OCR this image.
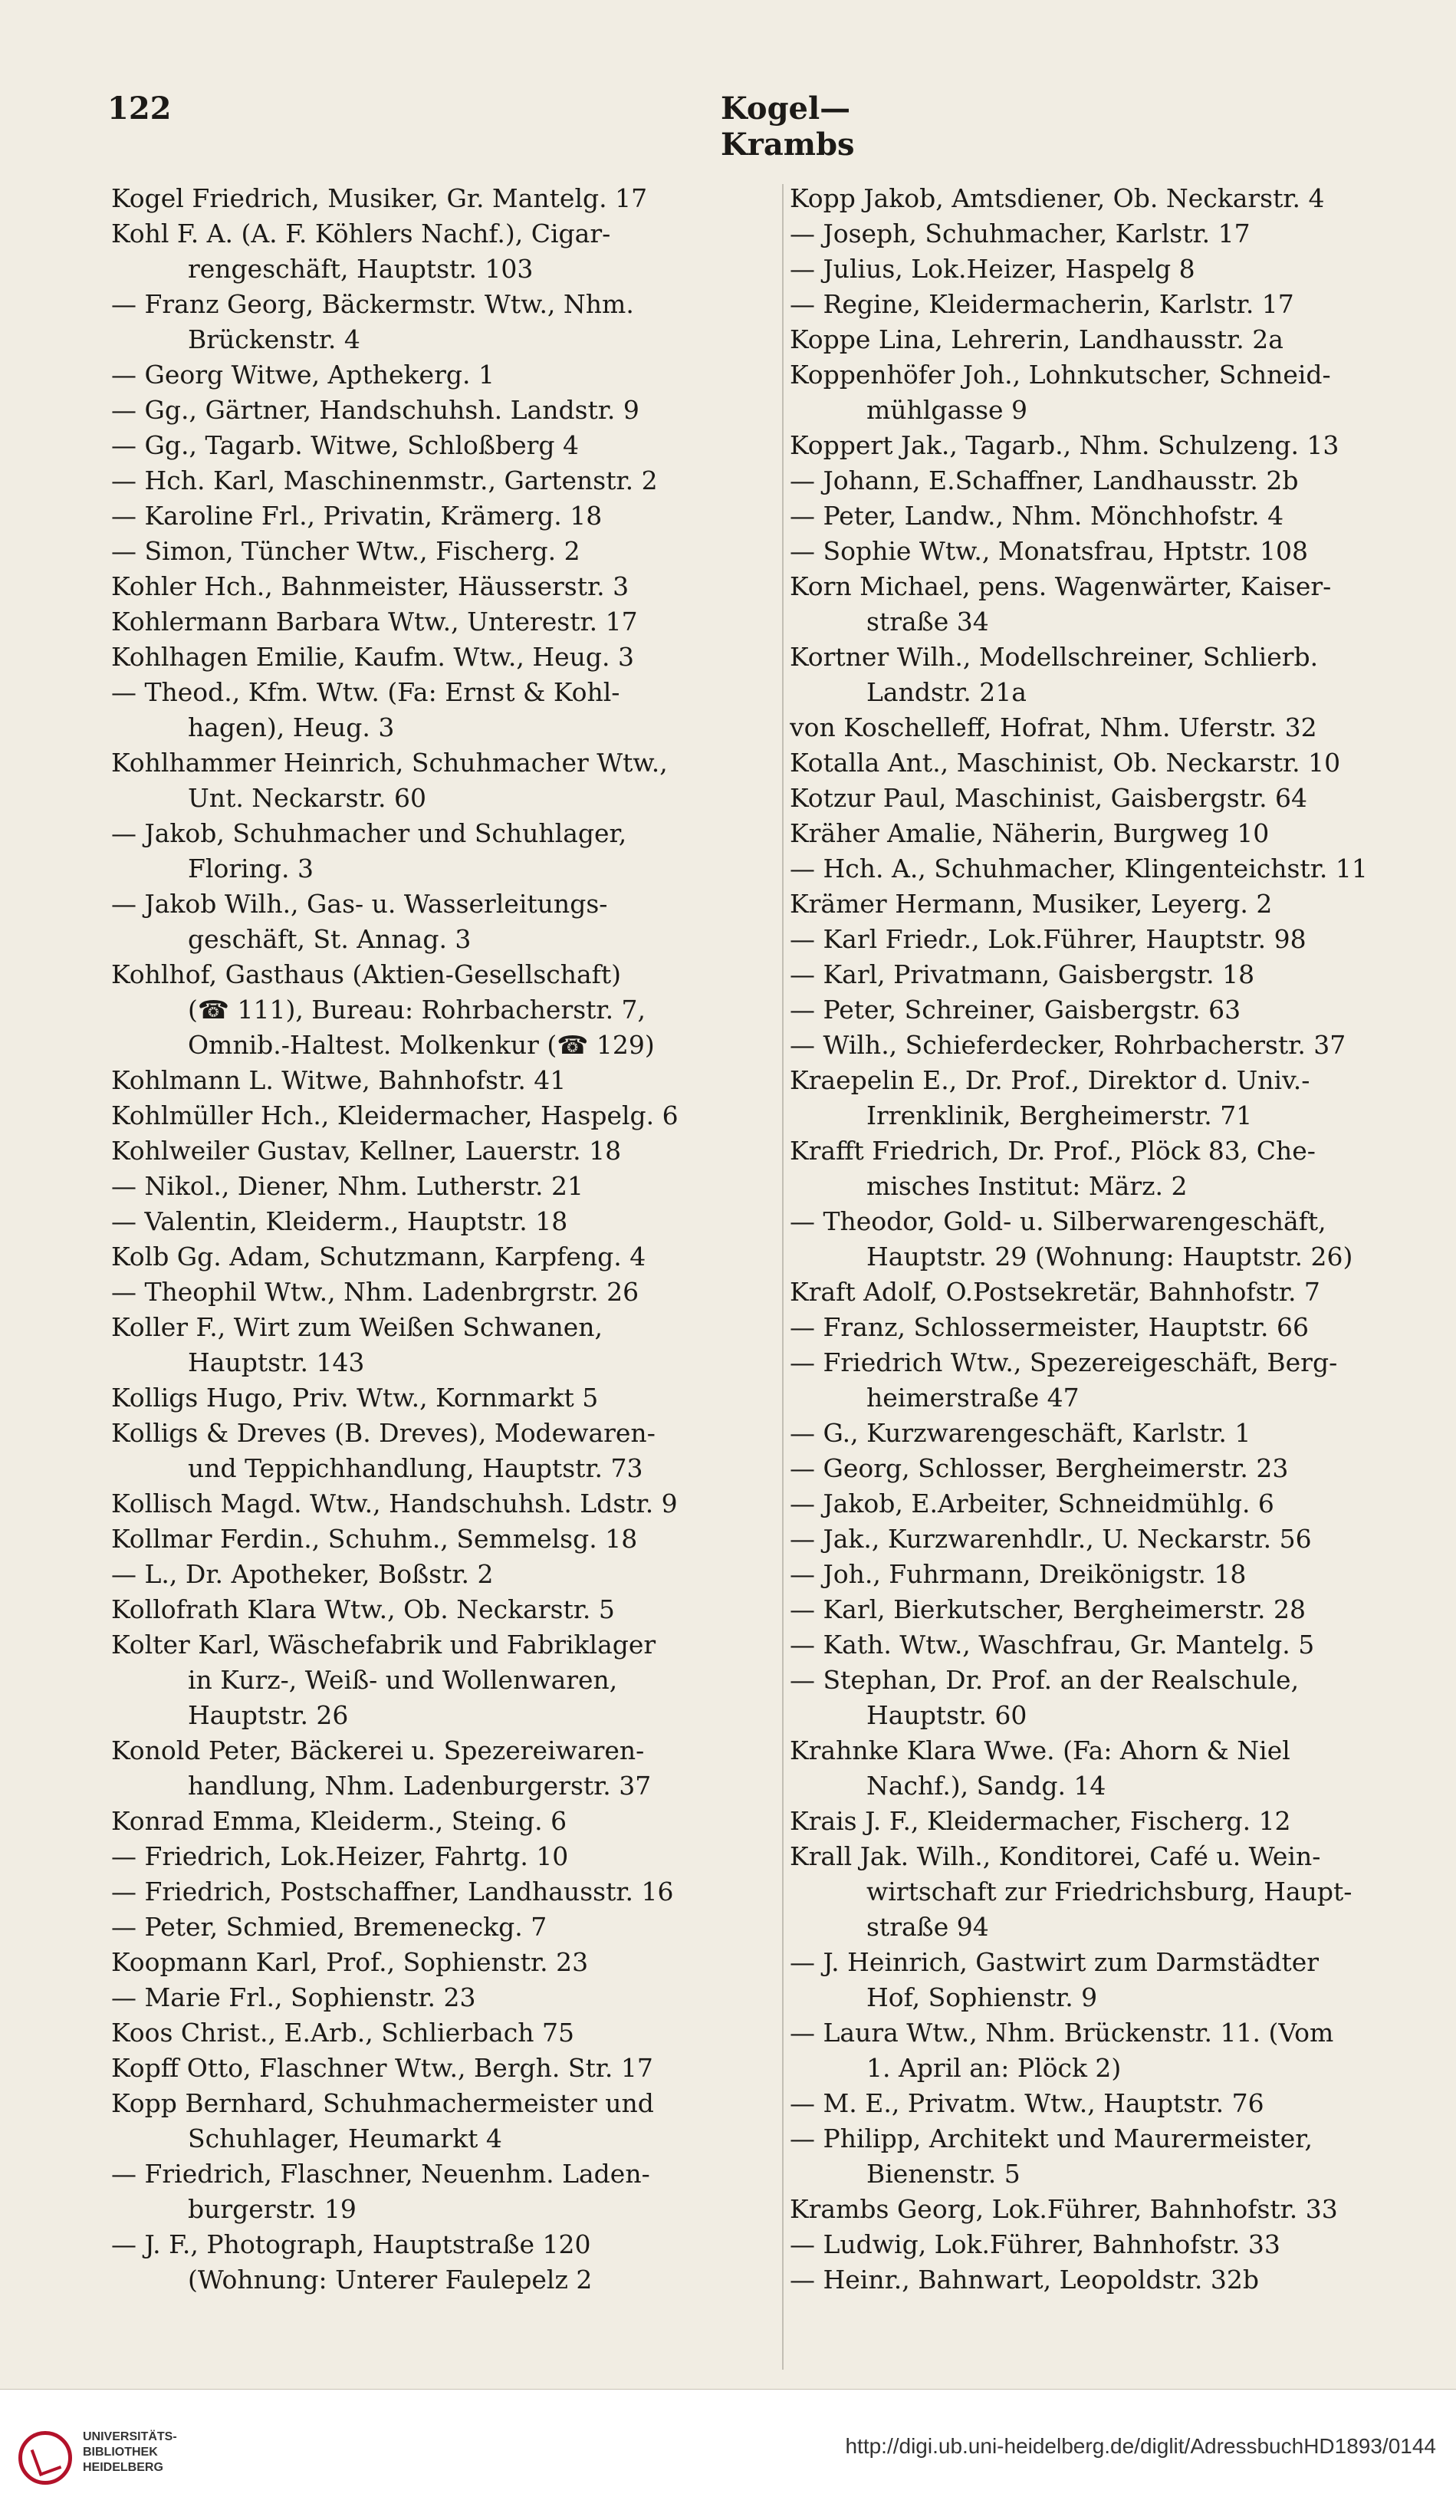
122	Kogel—Krambs

Kogel Friedrich, Musiker, Gr. Mantelg. 17

Kohl F. A. (A. F. Köhlers Nachf.), Cigar-
rengeschäft, Hauptstr. 103

— Franz Georg, Bäckermstr. Wtw., Nhm.
Brückenstr. 4

— Georg Witwe, Apthekerg. 1

— Gg., Gärtner, Handschuhsh. Landstr. 9

— Gg., Tagarb. Witwe, Schloßberg 4

— Hch. Karl, Maschinenmstr., Gartenstr. 2

— Karoline Frl., Privatin, Krämerg. 18

— Simon, Tüncher Wtw., Fischerg. 2

Kohler Hch., Bahnmeister, Häusserstr. 3

Kohlermann Barbara Wtw., Unterestr. 17

Kohlhagen Emilie, Kaufm. Wtw., Heug. 3

— Theod., Kfm. Wtw. (Fa: Ernst & Kohl-
hagen), Heug. 3

Kohlhammer Heinrich, Schuhmacher Wtw.,
Unt. Neckarstr. 60

— Jakob, Schuhmacher und Schuhlager,
Floring. 3

— Jakob Wilh., Gas- u. Wasserleitungs-
geschäft, St. Annag. 3

Kohlhof, Gasthaus (Aktien-Gesellschaft)
(☎ 111), Bureau: Rohrbacherstr. 7,
Omnib.-Haltest. Molkenkur (☎ 129)

Kohlmann L. Witwe, Bahnhofstr. 41

Kohlmüller Hch., Kleidermacher, Haspelg. 6

Kohlweiler Gustav, Kellner, Lauerstr. 18

— Nikol., Diener, Nhm. Lutherstr. 21

— Valentin, Kleiderm., Hauptstr. 18

Kolb Gg. Adam, Schutzmann, Karpfeng. 4

— Theophil Wtw., Nhm. Ladenbrgrstr. 26

Koller F., Wirt zum Weißen Schwanen,
Hauptstr. 143

Kolligs Hugo, Priv. Wtw., Kornmarkt 5

Kolligs & Dreves (B. Dreves), Modewaren-
und Teppichhandlung, Hauptstr. 73

Kollisch Magd. Wtw., Handschuhsh. Ldstr. 9

Kollmar Ferdin., Schuhm., Semmelsg. 18

— L., Dr. Apotheker, Boßstr. 2

Kollofrath Klara Wtw., Ob. Neckarstr. 5

Kolter Karl, Wäschefabrik und Fabriklager
in Kurz-, Weiß- und Wollenwaren,
Hauptstr. 26

Konold Peter, Bäckerei u. Spezereiwaren-
handlung, Nhm. Ladenburgerstr. 37

Konrad Emma, Kleiderm., Steing. 6

— Friedrich, Lok.Heizer, Fahrtg. 10

— Friedrich, Postschaffner, Landhausstr. 16

— Peter, Schmied, Bremeneckg. 7

Koopmann Karl, Prof., Sophienstr. 23

— Marie Frl., Sophienstr. 23

Koos Christ., E.Arb., Schlierbach 75

Kopff Otto, Flaschner Wtw., Bergh. Str. 17

Kopp Bernhard, Schuhmachermeister und
Schuhlager, Heumarkt 4

— Friedrich, Flaschner, Neuenhm. Laden-
burgerstr. 19

— J. F., Photograph, Hauptstraße 120
(Wohnung: Unterer Faulepelz 2

Kopp Jakob, Amtsdiener, Ob. Neckarstr. 4

— Joseph, Schuhmacher, Karlstr. 17

— Julius, Lok.Heizer, Haspelg 8

— Regine, Kleidermacherin, Karlstr. 17

Koppe Lina, Lehrerin, Landhausstr. 2a

Koppenhöfer Joh., Lohnkutscher, Schneid-
mühlgasse 9

Koppert Jak., Tagarb., Nhm. Schulzeng. 13

— Johann, E.Schaffner, Landhausstr. 2b

— Peter, Landw., Nhm. Mönchhofstr. 4

— Sophie Wtw., Monatsfrau, Hptstr. 108

Korn Michael, pens. Wagenwärter, Kaiser-
straße 34

Kortner Wilh., Modellschreiner, Schlierb.
Landstr. 21a

von Koschelleff, Hofrat, Nhm. Uferstr. 32

Kotalla Ant., Maschinist, Ob. Neckarstr. 10

Kotzur Paul, Maschinist, Gaisbergstr. 64

Kräher Amalie, Näherin, Burgweg 10

— Hch. A., Schuhmacher, Klingenteichstr. 11

Krämer Hermann, Musiker, Leyerg. 2

— Karl Friedr., Lok.Führer, Hauptstr. 98

— Karl, Privatmann, Gaisbergstr. 18

— Peter, Schreiner, Gaisbergstr. 63

— Wilh., Schieferdecker, Rohrbacherstr. 37

Kraepelin E., Dr. Prof., Direktor d. Univ.-
Irrenklinik, Bergheimerstr. 71

Krafft Friedrich, Dr. Prof., Plöck 83, Che-
misches Institut: März. 2

— Theodor, Gold- u. Silberwarengeschäft,
Hauptstr. 29 (Wohnung: Hauptstr. 26)

Kraft Adolf, O.Postsekretär, Bahnhofstr. 7

— Franz, Schlossermeister, Hauptstr. 66

— Friedrich Wtw., Spezereigeschäft, Berg-
heimerstraße 47

— G., Kurzwarengeschäft, Karlstr. 1

— Georg, Schlosser, Bergheimerstr. 23

— Jakob, E.Arbeiter, Schneidmühlg. 6

— Jak., Kurzwarenhdlr., U. Neckarstr. 56

— Joh., Fuhrmann, Dreikönigstr. 18

— Karl, Bierkutscher, Bergheimerstr. 28

— Kath. Wtw., Waschfrau, Gr. Mantelg. 5

— Stephan, Dr. Prof. an der Realschule,
Hauptstr. 60

Krahnke Klara Wwe. (Fa: Ahorn & Niel
Nachf.), Sandg. 14

Krais J. F., Kleidermacher, Fischerg. 12

Krall Jak. Wilh., Konditorei, Café u. Wein-
wirtschaft zur Friedrichsburg, Haupt-
straße 94

— J. Heinrich, Gastwirt zum Darmstädter
Hof, Sophienstr. 9

— Laura Wtw., Nhm. Brückenstr. 11. (Vom
1. April an: Plöck 2)

— M. E., Privatm. Wtw., Hauptstr. 76

— Philipp, Architekt und Maurermeister,
Bienenstr. 5

Krambs Georg, Lok.Führer, Bahnhofstr. 33

— Ludwig, Lok.Führer, Bahnhofstr. 33

— Heinr., Bahnwart, Leopoldstr. 32b

UNIVERSITÄTS-
BIBLIOTHEK
HEIDELBERG
http://digi.ub.uni-heidelberg.de/diglit/AdressbuchHD1893/0144
